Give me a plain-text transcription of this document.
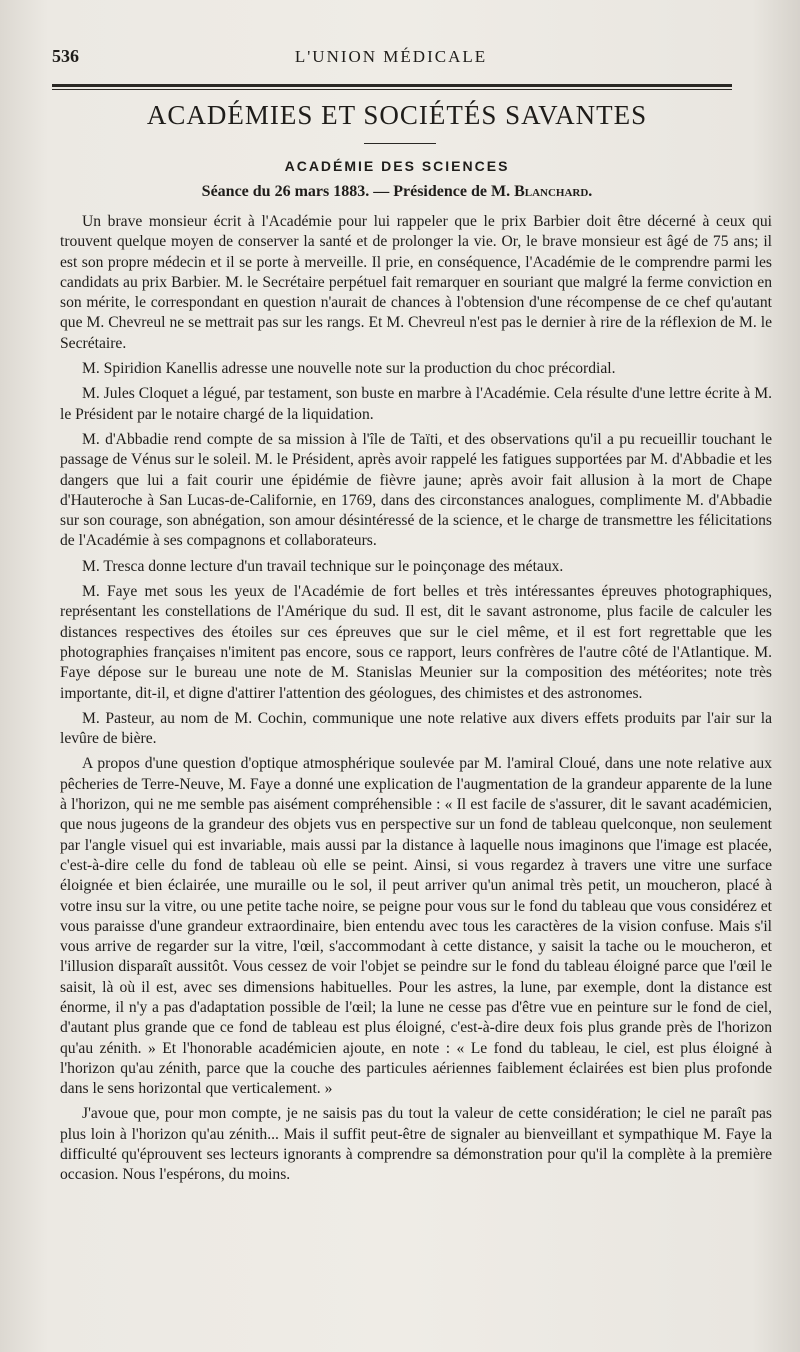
536	L'UNION MÉDICALE
ACADÉMIES ET SOCIÉTÉS SAVANTES
ACADÉMIE DES SCIENCES

Séance du 26 mars 1883. — Présidence de M. Blanchard.

Un brave monsieur écrit à l'Académie pour lui rappeler que le prix Barbier doit être décerné à ceux qui trouvent quelque moyen de conserver la santé et de prolonger la vie. Or, le brave monsieur est âgé de 75 ans; il est son propre médecin et il se porte à merveille. Il prie, en conséquence, l'Académie de le comprendre parmi les candidats au prix Barbier. M. le Secrétaire perpétuel fait remarquer en souriant que malgré la ferme conviction en son mérite, le correspondant en question n'aurait de chances à l'obtension d'une récompense de ce chef qu'autant que M. Chevreul ne se mettrait pas sur les rangs. Et M. Chevreul n'est pas le dernier à rire de la réflexion de M. le Secrétaire.

M. Spiridion Kanellis adresse une nouvelle note sur la production du choc précordial.

M. Jules Cloquet a légué, par testament, son buste en marbre à l'Académie. Cela résulte d'une lettre écrite à M. le Président par le notaire chargé de la liquidation.

M. d'Abbadie rend compte de sa mission à l'île de Taïti, et des observations qu'il a pu recueillir touchant le passage de Vénus sur le soleil. M. le Président, après avoir rappelé les fatigues supportées par M. d'Abbadie et les dangers que lui a fait courir une épidémie de fièvre jaune; après avoir fait allusion à la mort de Chape d'Hauteroche à San Lucas-de-Californie, en 1769, dans des circonstances analogues, complimente M. d'Abbadie sur son courage, son abnégation, son amour désintéressé de la science, et le charge de transmettre les félicitations de l'Académie à ses compagnons et collaborateurs.

M. Tresca donne lecture d'un travail technique sur le poinçonage des métaux.

M. Faye met sous les yeux de l'Académie de fort belles et très intéressantes épreuves photographiques, représentant les constellations de l'Amérique du sud. Il est, dit le savant astronome, plus facile de calculer les distances respectives des étoiles sur ces épreuves que sur le ciel même, et il est fort regrettable que les photographies françaises n'imitent pas encore, sous ce rapport, leurs confrères de l'autre côté de l'Atlantique. M. Faye dépose sur le bureau une note de M. Stanislas Meunier sur la composition des météorites; note très importante, dit-il, et digne d'attirer l'attention des géologues, des chimistes et des astronomes.

M. Pasteur, au nom de M. Cochin, communique une note relative aux divers effets produits par l'air sur la levûre de bière.

A propos d'une question d'optique atmosphérique soulevée par M. l'amiral Cloué, dans une note relative aux pêcheries de Terre-Neuve, M. Faye a donné une explication de l'augmentation de la grandeur apparente de la lune à l'horizon, qui ne me semble pas aisément compréhensible : « Il est facile de s'assurer, dit le savant académicien, que nous jugeons de la grandeur des objets vus en perspective sur un fond de tableau quelconque, non seulement par l'angle visuel qui est invariable, mais aussi par la distance à laquelle nous imaginons que l'image est placée, c'est-à-dire celle du fond de tableau où elle se peint. Ainsi, si vous regardez à travers une vitre une surface éloignée et bien éclairée, une muraille ou le sol, il peut arriver qu'un animal très petit, un moucheron, placé à votre insu sur la vitre, ou une petite tache noire, se peigne pour vous sur le fond du tableau que vous considérez et vous paraisse d'une grandeur extraordinaire, bien entendu avec tous les caractères de la vision confuse. Mais s'il vous arrive de regarder sur la vitre, l'œil, s'accommodant à cette distance, y saisit la tache ou le moucheron, et l'illusion disparaît aussitôt. Vous cessez de voir l'objet se peindre sur le fond du tableau éloigné parce que l'œil le saisit, là où il est, avec ses dimensions habituelles. Pour les astres, la lune, par exemple, dont la distance est énorme, il n'y a pas d'adaptation possible de l'œil; la lune ne cesse pas d'être vue en peinture sur le fond de ciel, d'autant plus grande que ce fond de tableau est plus éloigné, c'est-à-dire deux fois plus grande près de l'horizon qu'au zénith. » Et l'honorable académicien ajoute, en note : « Le fond du tableau, le ciel, est plus éloigné à l'horizon qu'au zénith, parce que la couche des particules aériennes faiblement éclairées est bien plus profonde dans le sens horizontal que verticalement. »

J'avoue que, pour mon compte, je ne saisis pas du tout la valeur de cette considération; le ciel ne paraît pas plus loin à l'horizon qu'au zénith... Mais il suffit peut-être de signaler au bienveillant et sympathique M. Faye la difficulté qu'éprouvent ses lecteurs ignorants à comprendre sa démonstration pour qu'il la complète à la première occasion. Nous l'espérons, du moins.
